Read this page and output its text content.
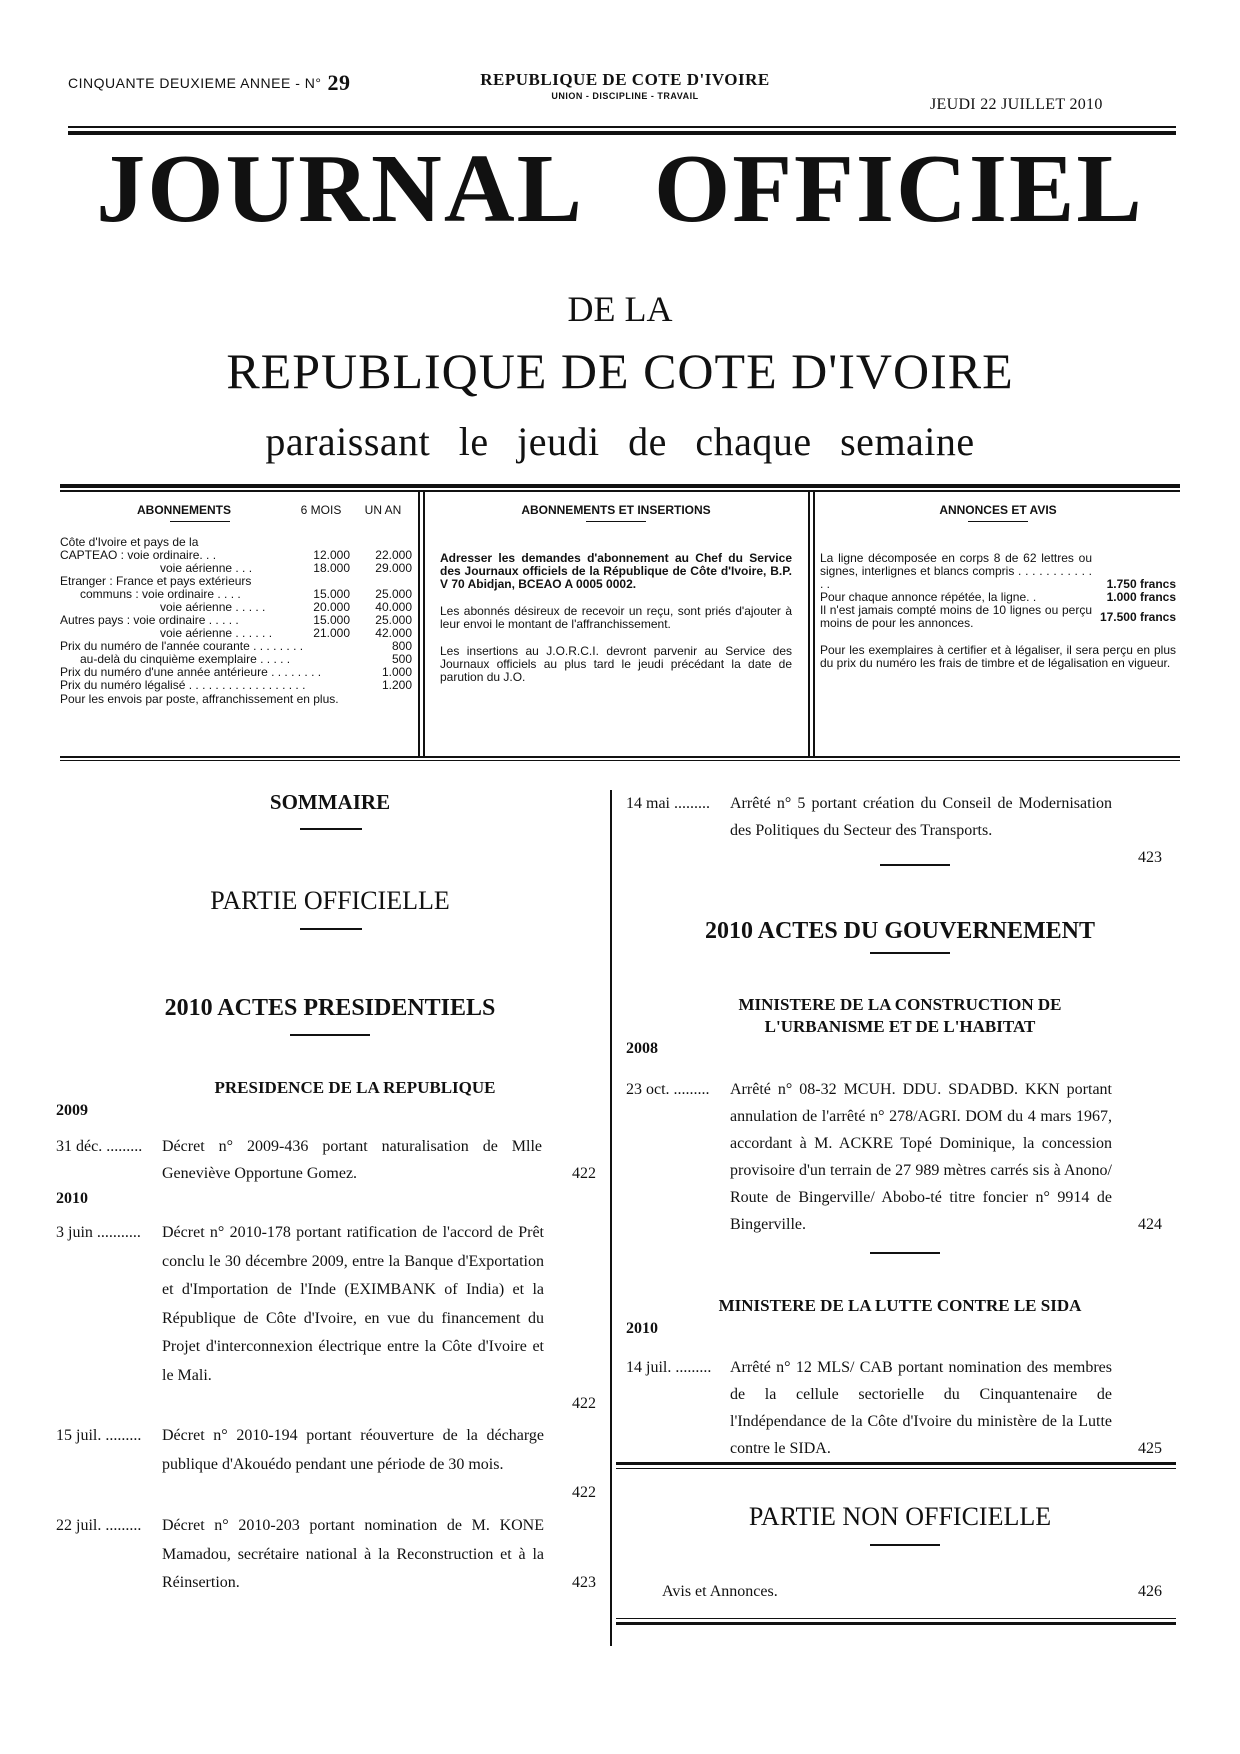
CINQUANTE DEUXIEME ANNEE - N° 29	REPUBLIQUE DE COTE D'IVOIRE
UNION - DISCIPLINE - TRAVAIL	JEUDI 22 JUILLET 2010
JOURNAL OFFICIEL
DE LA
REPUBLIQUE DE COTE D'IVOIRE
paraissant le jeudi de chaque semaine
ABONNEMENTS	6 MOIS	UN AN
Côte d'Ivoire et pays de la
CAPTEAO : voie ordinaire. . .	12.000	22.000
voie aérienne . . .	18.000	29.000
Etranger : France et pays extérieurs
communs : voie ordinaire . . . .	15.000	25.000
voie aérienne . . . . .	20.000	40.000
Autres pays : voie ordinaire . . . . .	15.000	25.000
voie aérienne . . . . . .	21.000	42.000
Prix du numéro de l'année courante . . . . . . . .	800
au-delà du cinquième exemplaire . . . . .	500
Prix du numéro d'une année antérieure . . . . . . . .	1.000
Prix du numéro légalisé . . . . . . . . . . . . . . . . . .	1.200
Pour les envois par poste, affranchissement en plus.
ABONNEMENTS ET INSERTIONS
Adresser les demandes d'abonnement au Chef du Service des Journaux officiels de la République de Côte d'Ivoire, B.P. V 70 Abidjan, BCEAO A 0005 0002.
Les abonnés désireux de recevoir un reçu, sont priés d'ajouter à leur envoi le montant de l'affranchissement.
Les insertions au J.O.R.C.I. devront parvenir au Service des Journaux officiels au plus tard le jeudi précédant la date de parution du J.O.
ANNONCES ET AVIS
La ligne décomposée en corps 8 de 62 lettres ou signes, interlignes et blancs compris . . . . . . . . . . . . .	1.750 francs
Pour chaque annonce répétée, la ligne. .	1.000 francs
Il n'est jamais compté moins de 10 lignes ou perçu moins de pour les annonces.	17.500 francs
Pour les exemplaires à certifier et à légaliser, il sera perçu en plus du prix du numéro les frais de timbre et de légalisation en vigueur.
SOMMAIRE
PARTIE OFFICIELLE
2010 ACTES PRESIDENTIELS
PRESIDENCE DE LA REPUBLIQUE
2009
31 déc. ......... Décret n° 2009-436 portant naturalisation de Mlle Geneviève Opportune Gomez.	422
2010
3 juin ........... Décret n° 2010-178 portant ratification de l'accord de Prêt conclu le 30 décembre 2009, entre la Banque d'Exportation et d'Importation de l'Inde (EXIMBANK of India) et la République de Côte d'Ivoire, en vue du financement du Projet d'interconnexion électrique entre la Côte d'Ivoire et le Mali.
422
15 juil. ......... Décret n° 2010-194 portant réouverture de la décharge publique d'Akouédo pendant une période de 30 mois.
422
22 juil. ......... Décret n° 2010-203 portant nomination de M. KONE Mamadou, secrétaire national à la Reconstruction et à la Réinsertion.	423
14 mai ......... Arrêté n° 5 portant création du Conseil de Modernisation des Politiques du Secteur des Transports.
423
2010 ACTES DU GOUVERNEMENT
MINISTERE DE LA CONSTRUCTION DE L'URBANISME ET DE L'HABITAT
2008
23 oct. ......... Arrêté n° 08-32 MCUH. DDU. SDADBD. KKN portant annulation de l'arrêté n° 278/AGRI. DOM du 4 mars 1967, accordant à M. ACKRE Topé Dominique, la concession provisoire d'un terrain de 27 989 mètres carrés sis à Anono/ Route de Bingerville/ Abobo-té titre foncier n° 9914 de Bingerville.	424
MINISTERE DE LA LUTTE CONTRE LE SIDA
2010
14 juil. ......... Arrêté n° 12 MLS/ CAB portant nomination des membres de la cellule sectorielle du Cinquantenaire de l'Indépendance de la Côte d'Ivoire du ministère de la Lutte contre le SIDA.	425
PARTIE NON OFFICIELLE
Avis et Annonces.	426
